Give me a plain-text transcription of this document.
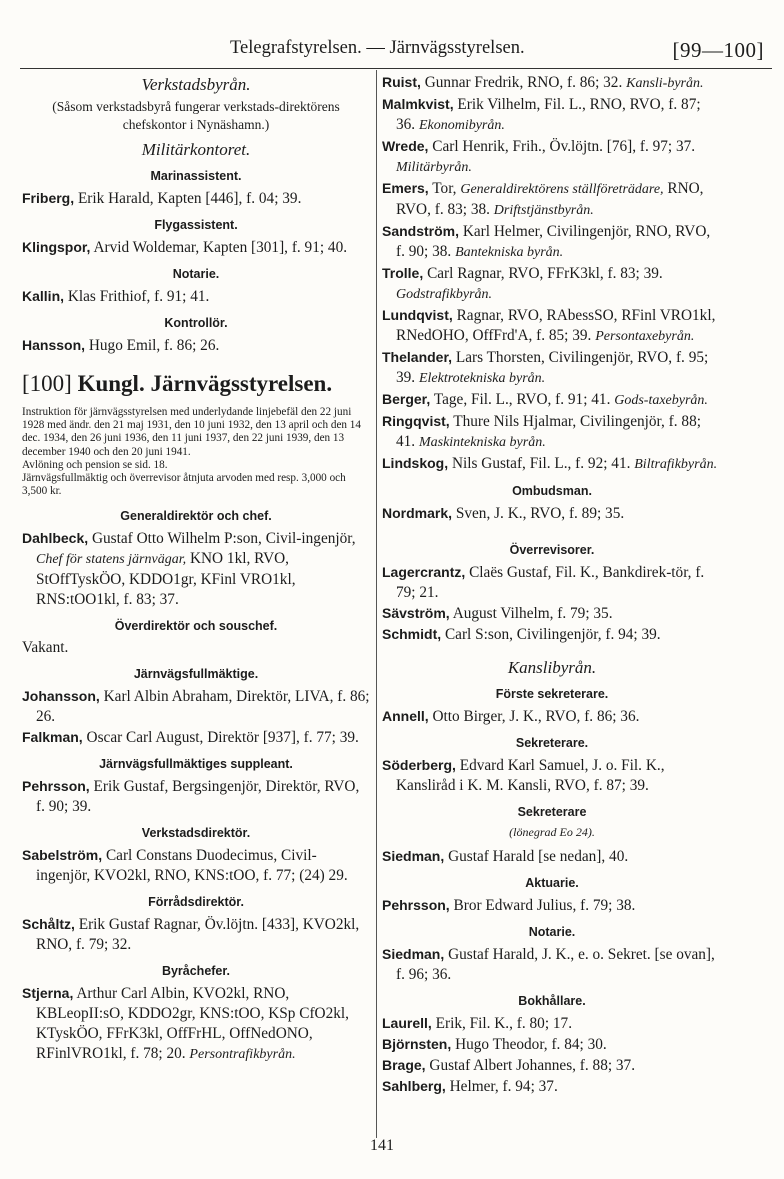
Telegrafstyrelsen. — Järnvägsstyrelsen.	[99—100]
Verkstadsbyrån.
(Såsom verkstadsbyrå fungerar verkstads-direktörens chefskontor i Nynäshamn.)
Militärkontoret.
Marinassistent.

Friberg, Erik Harald, Kapten [446], f. 04; 39.

Flygassistent.

Klingspor, Arvid Woldemar, Kapten [301], f. 91; 40.

Notarie.

Kallin, Klas Frithiof, f. 91; 41.

Kontrollör.

Hansson, Hugo Emil, f. 86; 26.

[100] Kungl. Järnvägsstyrelsen.
Instruktion för järnvägsstyrelsen med underlydande linjebefäl den 22 juni 1928 med ändr. den 21 maj 1931, den 10 juni 1932, den 13 april och den 14 dec. 1934, den 26 juni 1936, den 11 juni 1937, den 22 juni 1939, den 13 december 1940 och den 20 juni 1941.
Avlöning och pension se sid. 18.
Järnvägsfullmäktig och överrevisor åtnjuta arvoden med resp. 3,000 och 3,500 kr.
Generaldirektör och chef.

Dahlbeck, Gustaf Otto Wilhelm P:son, Civil-ingenjör, Chef för statens järnvägar, KNO 1kl, RVO, StOffTyskÖO, KDDO1gr, KFinl VRO1kl, RNS:tOO1kl, f. 83; 37.

Överdirektör och souschef.

Vakant.

Järnvägsfullmäktige.

Johansson, Karl Albin Abraham, Direktör, LIVA, f. 86; 26.

Falkman, Oscar Carl August, Direktör [937], f. 77; 39.

Järnvägsfullmäktiges suppleant.

Pehrsson, Erik Gustaf, Bergsingenjör, Direktör, RVO, f. 90; 39.

Verkstadsdirektör.

Sabelström, Carl Constans Duodecimus, Civil-ingenjör, KVO2kl, RNO, KNS:tOO, f. 77; (24) 29.

Förrådsdirektör.

Schåltz, Erik Gustaf Ragnar, Öv.löjtn. [433], KVO2kl, RNO, f. 79; 32.

Byråchefer.

Stjerna, Arthur Carl Albin, KVO2kl, RNO, KBLeopII:sO, KDDO2gr, KNS:tOO, KSp CfO2kl, KTyskÖO, FFrK3kl, OffFrHL, OffNedONO, RFinlVRO1kl, f. 78; 20. Persontrafikbyrån.

Ruist, Gunnar Fredrik, RNO, f. 86; 32. Kansli-byrån.

Malmkvist, Erik Vilhelm, Fil. L., RNO, RVO, f. 87; 36. Ekonomibyrån.

Wrede, Carl Henrik, Frih., Öv.löjtn. [76], f. 97; 37. Militärbyrån.

Emers, Tor, Generaldirektörens ställföreträdare, RNO, RVO, f. 83; 38. Driftstjänstbyrån.

Sandström, Karl Helmer, Civilingenjör, RNO, RVO, f. 90; 38. Bantekniska byrån.

Trolle, Carl Ragnar, RVO, FFrK3kl, f. 83; 39. Godstrafikbyrån.

Lundqvist, Ragnar, RVO, RAbessSO, RFinl VRO1kl, RNedOHO, OffFrd'A, f. 85; 39. Persontaxebyrån.

Thelander, Lars Thorsten, Civilingenjör, RVO, f. 95; 39. Elektrotekniska byrån.

Berger, Tage, Fil. L., RVO, f. 91; 41. Gods-taxebyrån.

Ringqvist, Thure Nils Hjalmar, Civilingenjör, f. 88; 41. Maskintekniska byrån.

Lindskog, Nils Gustaf, Fil. L., f. 92; 41. Biltrafikbyrån.

Ombudsman.

Nordmark, Sven, J. K., RVO, f. 89; 35.

Överrevisorer.

Lagercrantz, Claës Gustaf, Fil. K., Bankdirek-tör, f. 79; 21.

Sävström, August Vilhelm, f. 79; 35.

Schmidt, Carl S:son, Civilingenjör, f. 94; 39.

Kanslibyrån.
Förste sekreterare.

Annell, Otto Birger, J. K., RVO, f. 86; 36.

Sekreterare.

Söderberg, Edvard Karl Samuel, J. o. Fil. K., Kansliråd i K. M. Kansli, RVO, f. 87; 39.

Sekreterare
(lönegrad Eo 24).

Siedman, Gustaf Harald [se nedan], 40.

Aktuarie.

Pehrsson, Bror Edward Julius, f. 79; 38.

Notarie.

Siedman, Gustaf Harald, J. K., e. o. Sekret. [se ovan], f. 96; 36.

Bokhållare.

Laurell, Erik, Fil. K., f. 80; 17.

Björnsten, Hugo Theodor, f. 84; 30.

Brage, Gustaf Albert Johannes, f. 88; 37.

Sahlberg, Helmer, f. 94; 37.

141
